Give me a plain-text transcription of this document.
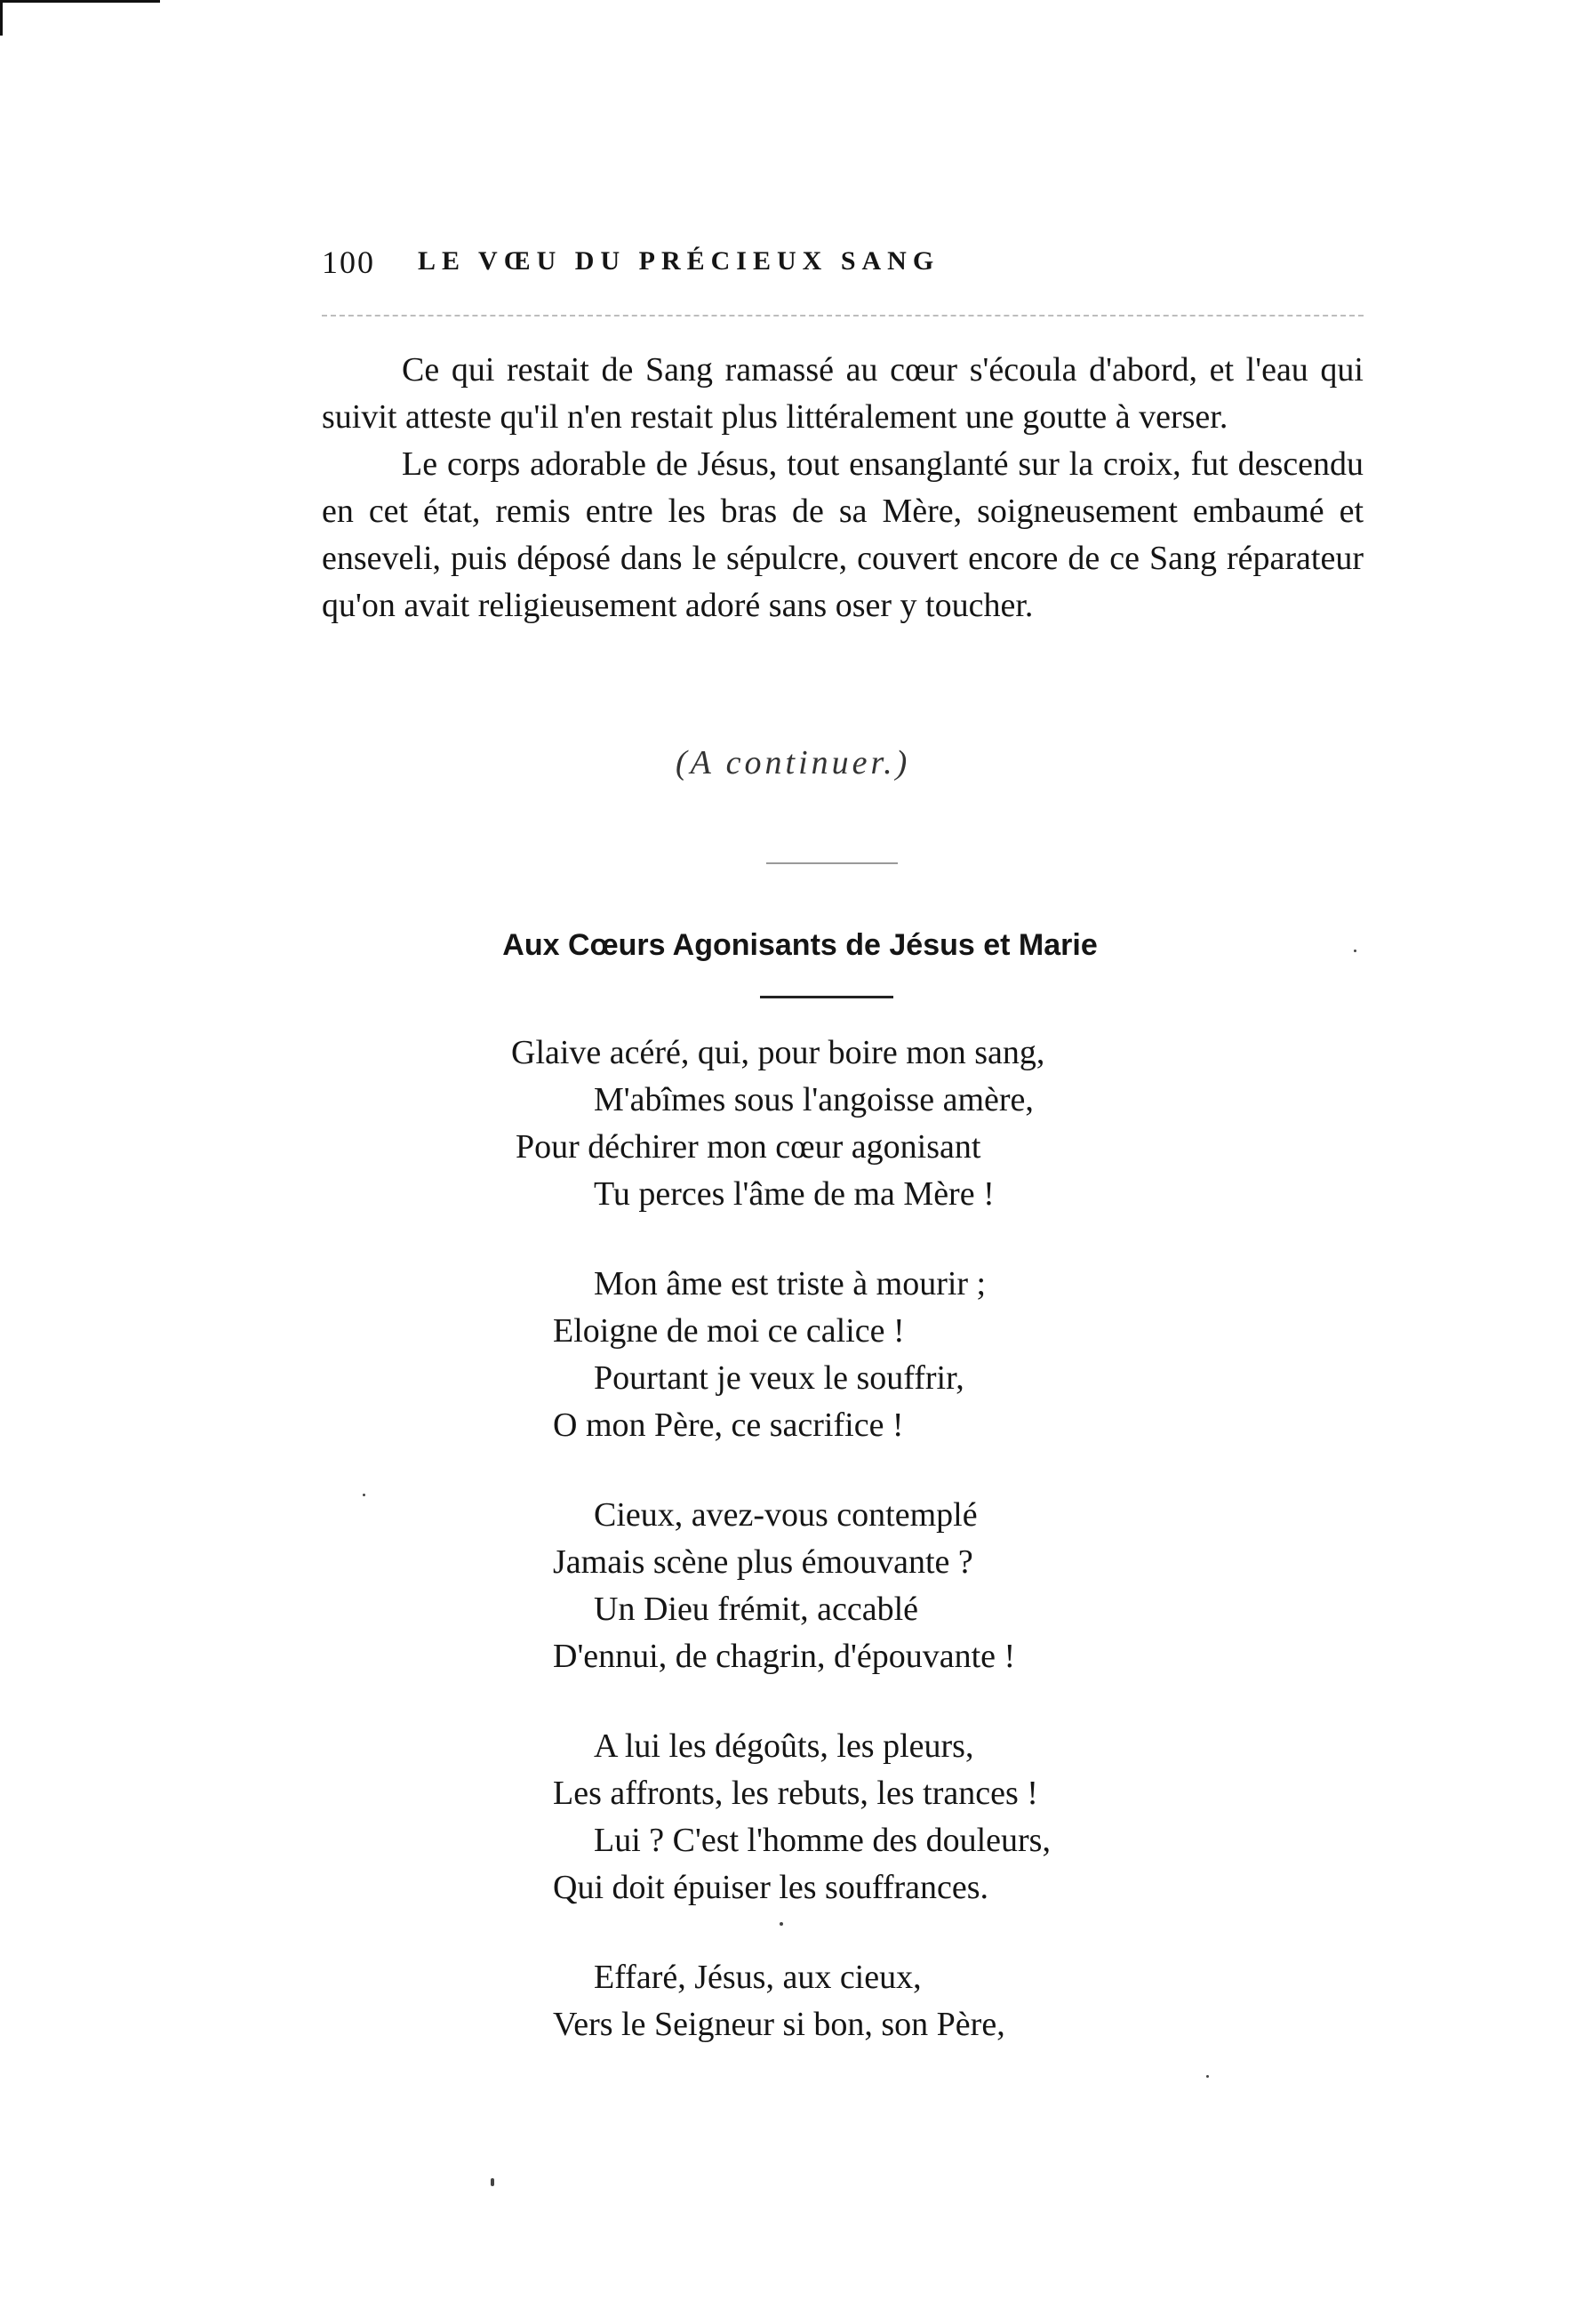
100 LE VŒU DU PRÉCIEUX SANG

Ce qui restait de Sang ramassé au cœur s'écoula d'abord, et l'eau qui suivit atteste qu'il n'en restait plus littéralement une goutte à verser.

Le corps adorable de Jésus, tout ensanglanté sur la croix, fut descendu en cet état, remis entre les bras de sa Mère, soigneusement embaumé et enseveli, puis déposé dans le sépulcre, couvert encore de ce Sang réparateur qu'on avait religieusement adoré sans oser y toucher.

(A continuer.)
Aux Cœurs Agonisants de Jésus et Marie
Glaive acéré, qui, pour boire mon sang,
M'abîmes sous l'angoisse amère,
Pour déchirer mon cœur agonisant
Tu perces l'âme de ma Mère !
Mon âme est triste à mourir ;
Eloigne de moi ce calice !
Pourtant je veux le souffrir,
O mon Père, ce sacrifice !
Cieux, avez-vous contemplé
Jamais scène plus émouvante ?
Un Dieu frémit, accablé
D'ennui, de chagrin, d'épouvante !
A lui les dégoûts, les pleurs,
Les affronts, les rebuts, les trances !
Lui ? C'est l'homme des douleurs,
Qui doit épuiser les souffrances.
Effaré, Jésus, aux cieux,
Vers le Seigneur si bon, son Père,
